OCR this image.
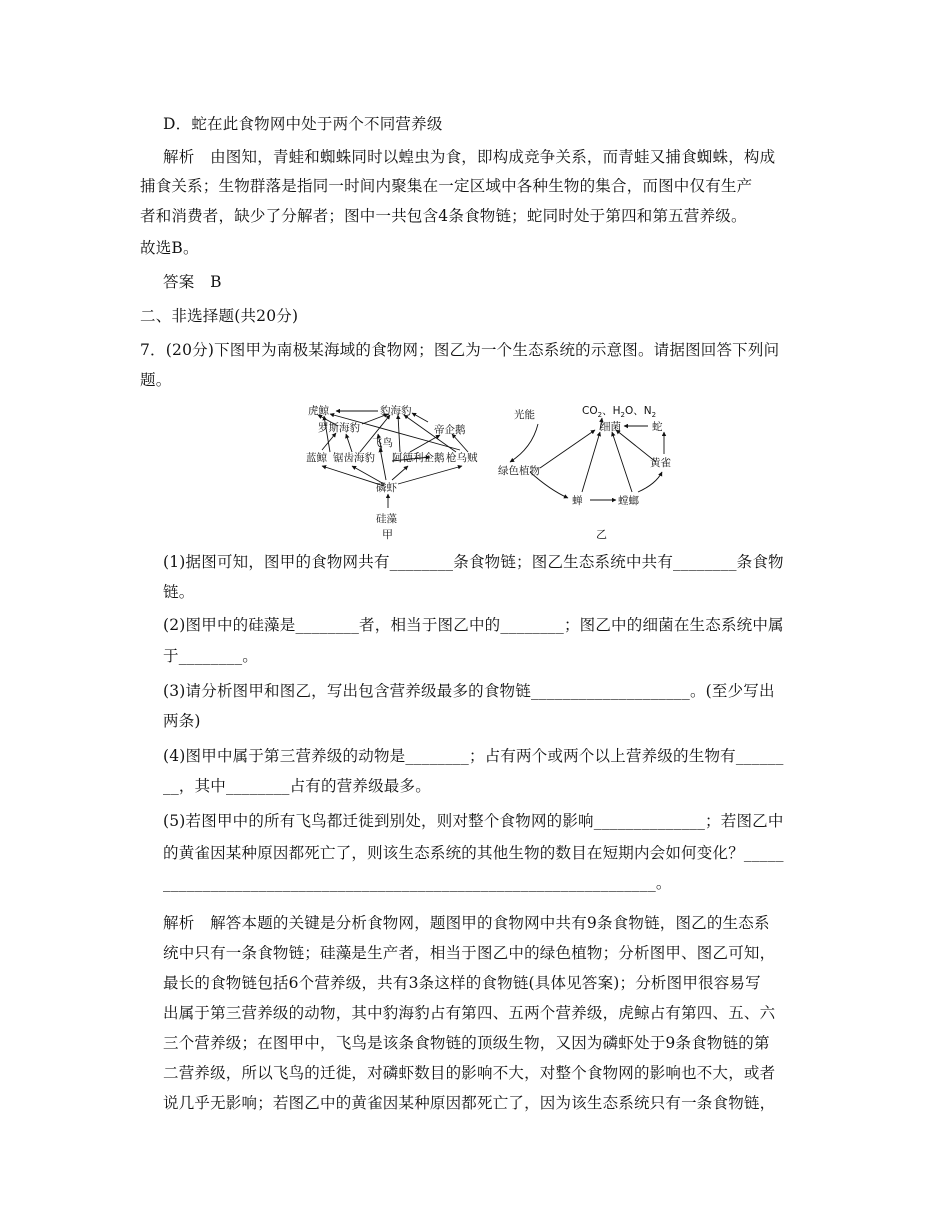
D．蛇在此食物网中处于两个不同营养级
解析　由图知，青蛙和蜘蛛同时以蝗虫为食，即构成竞争关系，而青蛙又捕食蜘蛛，构成
捕食关系；生物群落是指同一时间内聚集在一定区域中各种生物的集合，而图中仅有生产
者和消费者，缺少了分解者；图中一共包含4条食物链；蛇同时处于第四和第五营养级。
故选B。
答案　B
二、非选择题(共20分)
7．(20分)下图甲为南极某海域的食物网；图乙为一个生态系统的示意图。请据图回答下列问
题。
虎鲸	豹海豹
罗斯海豹	帝企鹅
飞鸟
蓝鲸 锯齿海豹 阿德利企鹅 枪乌贼
磷虾
硅藻
甲
光能	$CO_2$、$H_2O$、$N_2$
细菌	蛇
黄雀
绿色植物
蝉	螳螂
乙
(1)据图可知，图甲的食物网共有________条食物链；图乙生态系统中共有________条食物
链。
(2)图甲中的硅藻是________者，相当于图乙中的________；图乙中的细菌在生态系统中属
于________。
(3)请分析图甲和图乙，写出包含营养级最多的食物链____________________。(至少写出
两条)
(4)图甲中属于第三营养级的动物是________；占有两个或两个以上营养级的生物有______
__，其中________占有的营养级最多。
(5)若图甲中的所有飞鸟都迁徙到别处，则对整个食物网的影响______________；若图乙中
的黄雀因某种原因都死亡了，则该生态系统的其他生物的数目在短期内会如何变化？_____
______________________________________________________________。
解析　解答本题的关键是分析食物网，题图甲的食物网中共有9条食物链，图乙的生态系
统中只有一条食物链；硅藻是生产者，相当于图乙中的绿色植物；分析图甲、图乙可知，
最长的食物链包括6个营养级，共有3条这样的食物链(具体见答案)；分析图甲很容易写
出属于第三营养级的动物，其中豹海豹占有第四、五两个营养级，虎鲸占有第四、五、六
三个营养级；在图甲中，飞鸟是该条食物链的顶级生物，又因为磷虾处于9条食物链的第
二营养级，所以飞鸟的迁徙，对磷虾数目的影响不大，对整个食物网的影响也不大，或者
说几乎无影响；若图乙中的黄雀因某种原因都死亡了，因为该生态系统只有一条食物链，
